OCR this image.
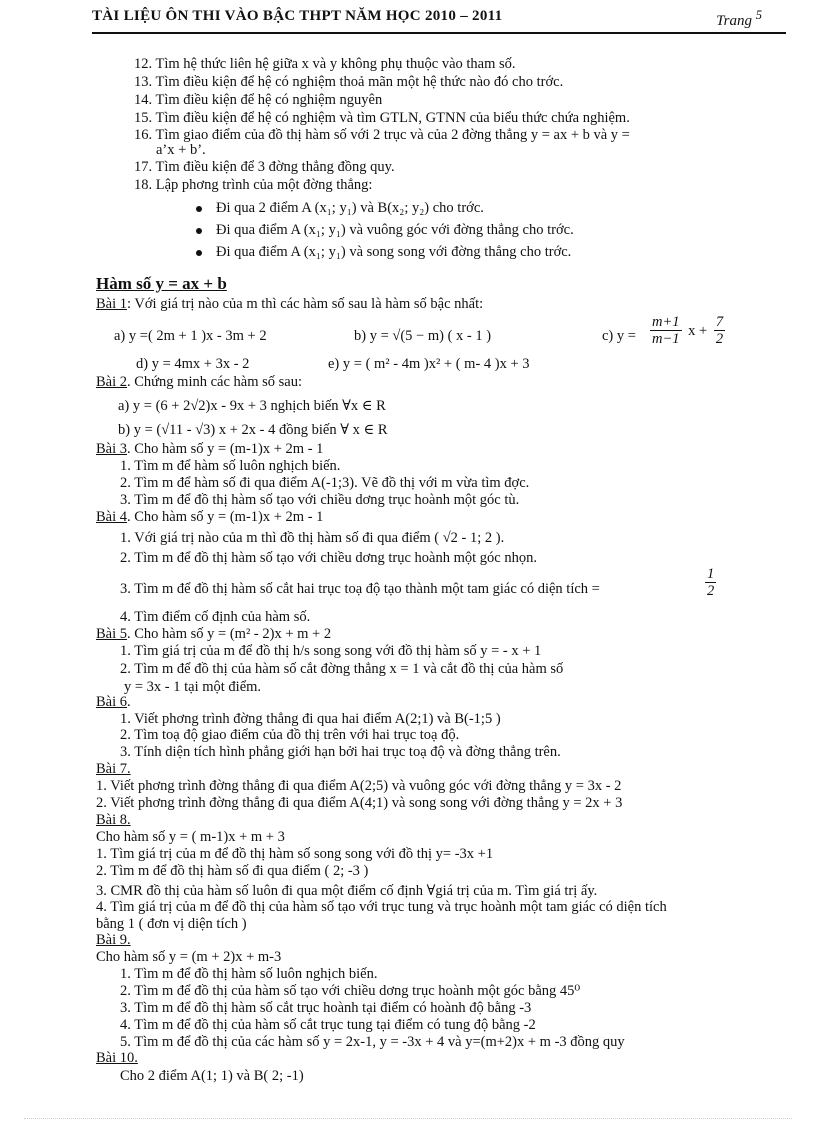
TÀI LIỆU ÔN THI VÀO BẬC THPT NĂM HỌC 2010 – 2011	Trang $^5$
12. Tìm hệ thức liên hệ giữa x và y không phụ thuộc vào tham số.
13. Tìm điều kiện để hệ có nghiệm thoả mãn một hệ thức nào đó cho trớc.
14. Tìm điều kiện để hệ có nghiệm nguyên
15. Tìm điều kiện để hệ có nghiệm và tìm GTLN, GTNN của biểu thức chứa nghiệm.
16. Tìm giao điểm của đồ thị hàm số với 2 trục và của 2 đờng thẳng y = ax + b và y =
a’x + b’.
17. Tìm điều kiện để 3 đờng thẳng đồng quy.
18. Lập phơng trình của một đờng thẳng:
Đi qua 2 điểm A (x₁; y₁) và B(x₂; y₂) cho trớc.
Đi qua điểm A (x₁; y₁) và vuông góc với đờng thẳng cho trớc.
Đi qua điểm A (x₁; y₁) và song song với đờng thẳng cho trớc.
Hàm số y = ax + b
Bài 1: Với giá trị nào của m thì các hàm số sau là hàm số bậc nhất:
a) y =( 2m + 1 )x - 3m + 2	b) y = √(5 − m) ( x - 1 )	c) y =
d) y = 4mx + 3x - 2	e) y = ( m² - 4m )x² + ( m- 4 )x + 3
Bài 2. Chứng minh các hàm số sau:
a) y = (6 + 2√2)x - 9x + 3 nghịch biến ∀x ∈ R
b) y = (√11 - √3) x + 2x - 4 đồng biến ∀ x ∈ R
Bài 3. Cho hàm số y = (m-1)x + 2m - 1
1. Tìm m để hàm số luôn nghịch biến.
2. Tìm m để hàm số đi qua điểm A(-1;3). Vẽ đồ thị với m vừa tìm đợc.
3. Tìm m để đồ thị hàm số tạo với chiều dơng trục hoành một góc tù.
Bài 4. Cho hàm số y = (m-1)x + 2m - 1
1. Với giá trị nào của m thì đồ thị hàm số đi qua điểm ( √2 - 1; 2 ).
2. Tìm m để đồ thị hàm số tạo với chiều dơng trục hoành một góc nhọn.
3. Tìm m để đồ thị hàm số cắt hai trục toạ độ tạo thành một tam giác có diện tích =
4. Tìm điểm cố định của hàm số.
Bài 5. Cho hàm số y = (m² - 2)x + m + 2
1. Tìm giá trị của m để đồ thị h/s song song với đồ thị hàm số y = - x + 1
2. Tìm m để đồ thị của hàm số cắt đờng thẳng x = 1 và cắt đồ thị của hàm số
y = 3x - 1 tại một điểm.
Bài 6.
1. Viết phơng trình đờng thẳng đi qua hai điểm A(2;1) và B(-1;5 )
2. Tìm toạ độ giao điểm của đồ thị trên với hai trục toạ độ.
3. Tính diện tích hình phẳng giới hạn bởi hai trục toạ độ và đờng thẳng trên.
Bài 7.
1. Viết phơng trình đờng thẳng đi qua điểm A(2;5) và vuông góc với đờng thẳng y = 3x - 2
2. Viết phơng trình đờng thẳng đi qua điểm A(4;1) và song song với đờng thẳng y = 2x + 3
Bài 8.
Cho hàm số y = ( m-1)x + m + 3
1. Tìm giá trị của m để đồ thị hàm số song song với đồ thị y= -3x +1
2. Tìm m để đồ thị hàm số đi qua điểm ( 2; -3 )
3. CMR đồ thị của hàm số luôn đi qua một điểm cố định ∀giá trị của m. Tìm giá trị ấy.
4. Tìm giá trị của m để đồ thị của hàm số tạo với trục tung và trục hoành một tam giác có diện tích
bằng 1 ( đơn vị diện tích )
Bài 9.
Cho hàm số y = (m + 2)x + m-3
1. Tìm m để đồ thị hàm số luôn nghịch biến.
2. Tìm m để đồ thị của hàm số tạo với chiều dơng trục hoành một góc bằng 45⁰
3. Tìm m để đồ thị hàm số cắt trục hoành tại điểm có hoành độ bằng -3
4. Tìm m để đồ thị của hàm số cắt trục tung tại điểm có tung độ bằng -2
5. Tìm m để đồ thị của các hàm số y = 2x-1, y = -3x + 4 và y=(m+2)x + m -3 đồng quy
Bài 10.
Cho 2 điểm A(1; 1) và B( 2; -1)
$\frac{m+1}{m-1}$ $x + \frac{7}{2}$
$\frac{1}{2}$
